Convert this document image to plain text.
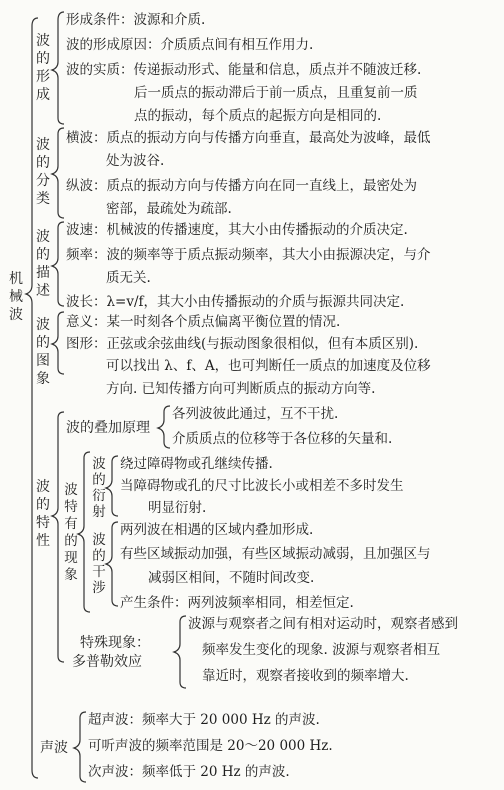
机
械
波
波
的
形
成
形成条件：波源和介质.
波的形成原因：介质质点间有相互作用力.
波的实质：传递振动形式、能量和信息，质点并不随波迁移.
后一质点的振动滞后于前一质点，且重复前一质
点的振动，每个质点的起振方向是相同的.
波
的
分
类
横波：质点的振动方向与传播方向垂直，最高处为波峰，最低
处为波谷.
纵波：质点的振动方向与传播方向在同一直线上，最密处为
密部，最疏处为疏部.
波
的
描
述
波速：机械波的传播速度，其大小由传播振动的介质决定.
频率：波的频率等于质点振动频率，其大小由振源决定，与介
质无关.
波长：λ=v/f，其大小由传播振动的介质与振源共同决定.
波
的
图
象
意义：某一时刻各个质点偏离平衡位置的情况.
图形：正弦或余弦曲线(与振动图象很相似，但有本质区别).
可以找出 λ、f、A，也可判断任一质点的加速度及位移
方向. 已知传播方向可判断质点的振动方向等.
波
的
特
性
波的叠加原理
各列波彼此通过，互不干扰.
介质质点的位移等于各位移的矢量和.
波
特
有
的
现
象
波
的
衍
射
绕过障碍物或孔继续传播.
当障碍物或孔的尺寸比波长小或相差不多时发生
明显衍射.
波
的
干
涉
两列波在相遇的区域内叠加形成.
有些区域振动加强，有些区域振动减弱，且加强区与
减弱区相间，不随时间改变.
产生条件：两列波频率相同，相差恒定.
特殊现象：
多普勒效应
波源与观察者之间有相对运动时，观察者感到
频率发生变化的现象. 波源与观察者相互
靠近时，观察者接收到的频率增大.
声波
超声波：频率大于 20 000 Hz 的声波.
可听声波的频率范围是 20～20 000 Hz.
次声波：频率低于 20 Hz 的声波.
